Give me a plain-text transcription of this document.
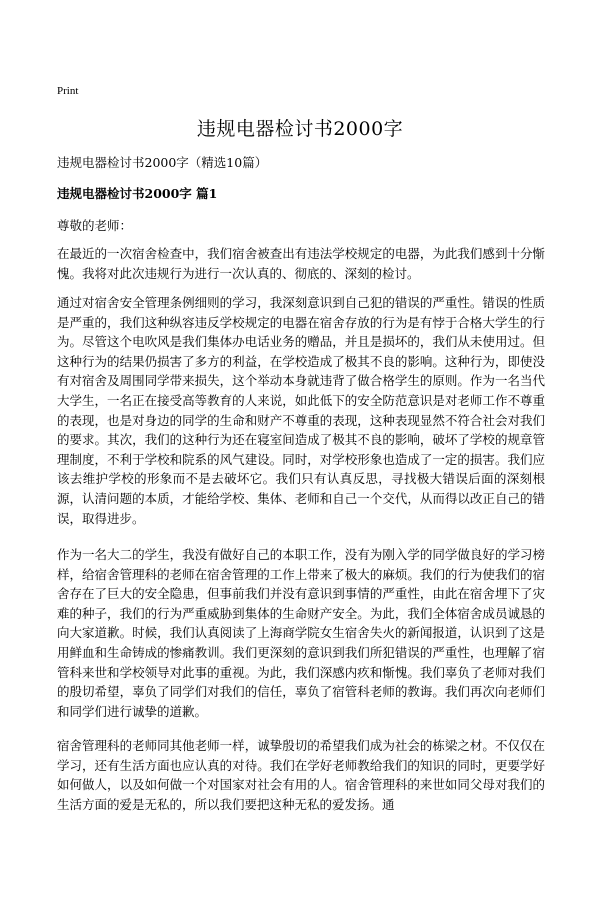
Print
违规电器检讨书2000字
违规电器检讨书2000字（精选10篇）
违规电器检讨书2000字 篇1
尊敬的老师：

在最近的一次宿舍检查中，我们宿舍被查出有违法学校规定的电器，为此我们感到十分惭愧。我将对此次违规行为进行一次认真的、彻底的、深刻的检讨。

通过对宿舍安全管理条例细则的学习，我深刻意识到自己犯的错误的严重性。错误的性质是严重的，我们这种纵容违反学校规定的电器在宿舍存放的行为是有悖于合格大学生的行为。尽管这个电吹风是我们集体办电话业务的赠品，并且是损坏的，我们从未使用过。但这种行为的结果仍损害了多方的利益，在学校造成了极其不良的影响。这种行为，即使没有对宿舍及周围同学带来损失，这个举动本身就违背了做合格学生的原则。作为一名当代大学生，一名正在接受高等教育的人来说，如此低下的安全防范意识是对老师工作不尊重的表现，也是对身边的同学的生命和财产不尊重的表现，这种表现显然不符合社会对我们的要求。其次，我们的这种行为还在寝室间造成了极其不良的影响，破坏了学校的规章管理制度，不利于学校和院系的风气建设。同时，对学校形象也造成了一定的损害。我们应该去维护学校的形象而不是去破坏它。我们只有认真反思，寻找极大错误后面的深刻根源，认清问题的本质，才能给学校、集体、老师和自己一个交代，从而得以改正自己的错误，取得进步。

作为一名大二的学生，我没有做好自己的本职工作，没有为刚入学的同学做良好的学习榜样，给宿舍管理科的老师在宿舍管理的工作上带来了极大的麻烦。我们的行为使我们的宿舍存在了巨大的安全隐患，但事前我们并没有意识到事情的严重性，由此在宿舍埋下了灾难的种子，我们的行为严重威胁到集体的生命财产安全。为此，我们全体宿舍成员诚恳的向大家道歉。时候，我们认真阅读了上海商学院女生宿舍失火的新闻报道，认识到了这是用鲜血和生命铸成的惨痛教训。我们更深刻的意识到我们所犯错误的严重性，也理解了宿管科来世和学校领导对此事的重视。为此，我们深感内疚和惭愧。我们辜负了老师对我们的殷切希望，辜负了同学们对我们的信任，辜负了宿管科老师的教诲。我们再次向老师们和同学们进行诚挚的道歉。

宿舍管理科的老师同其他老师一样，诚挚殷切的希望我们成为社会的栋梁之材。不仅仅在学习，还有生活方面也应认真的对待。我们在学好老师教给我们的知识的同时，更要学好如何做人，以及如何做一个对国家对社会有用的人。宿舍管理科的来世如同父母对我们的生活方面的爱是无私的，所以我们要把这种无私的爱发扬。通
